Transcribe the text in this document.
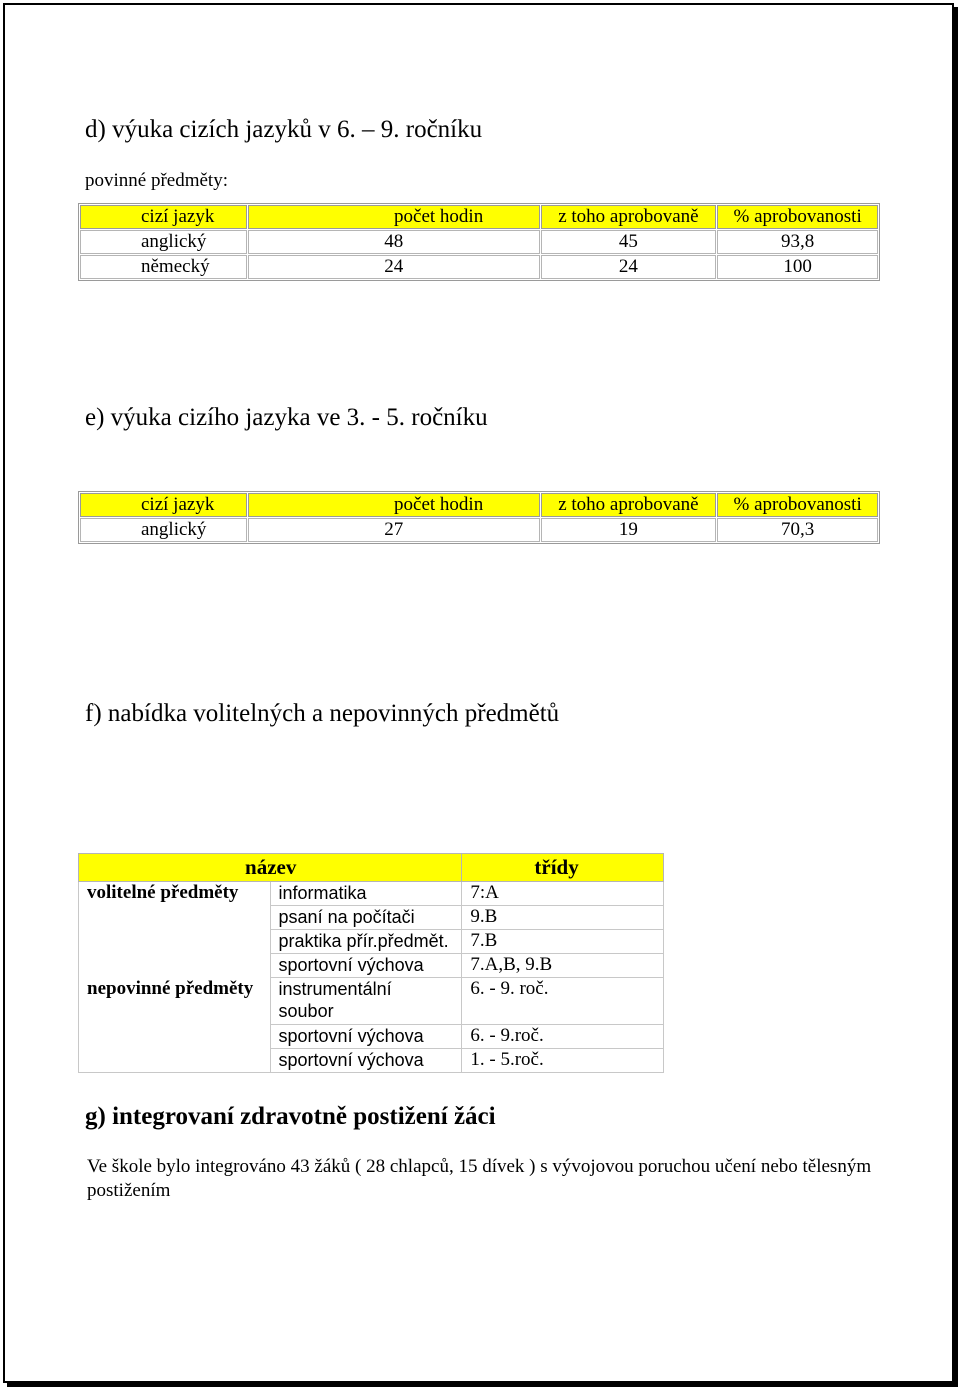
d) výuka cizích jazyků v 6. – 9. ročníku

povinné předměty:

cizí jazyk	počet hodin	z toho aprobovaně	% aprobovanosti
anglický	48	45	93,8
německý	24	24	100
e) výuka cizího jazyka ve 3. - 5. ročníku
cizí jazyk	počet hodin	z toho aprobovaně	% aprobovanosti
anglický	27	19	70,3
f) nabídka volitelných a nepovinných předmětů
název		třídy
volitelné předměty	informatika	7:A
	psaní na počítači	9.B
	praktika přír.předmět.	7.B
	sportovní výchova	7.A,B, 9.B
nepovinné předměty	instrumentální soubor	6. - 9. roč.
	sportovní výchova	6. - 9.roč.
	sportovní výchova	1. - 5.roč.
g) integrovaní zdravotně postižení žáci

Ve škole bylo integrováno 43 žáků ( 28 chlapců, 15 dívek ) s vývojovou poruchou učení nebo tělesným postižením
